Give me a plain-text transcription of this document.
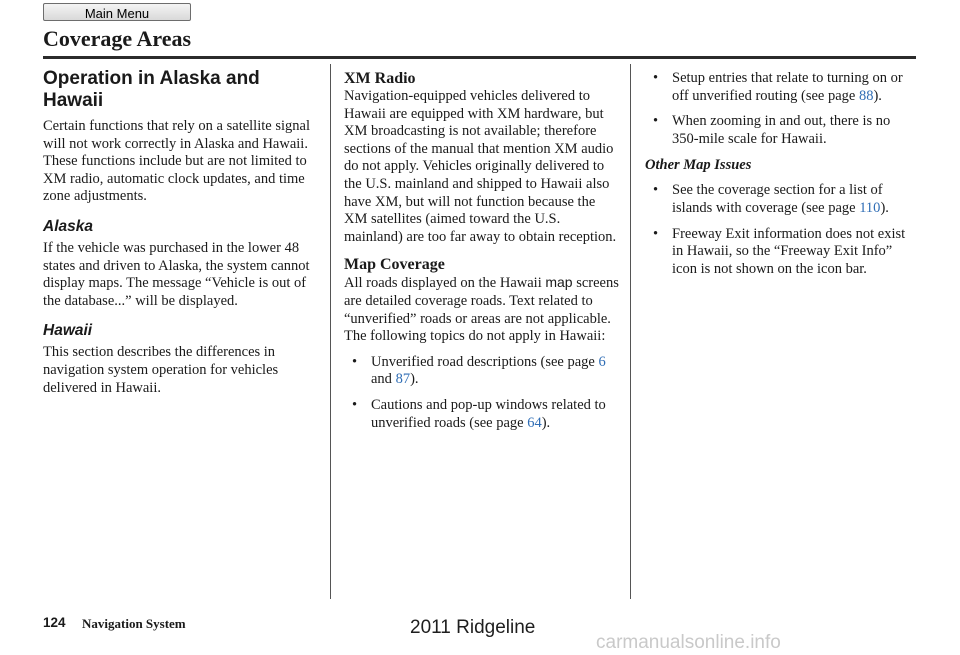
Main Menu
Coverage Areas
Operation in Alaska and Hawaii

Certain functions that rely on a satellite signal will not work correctly in Alaska and Hawaii. These functions include but are not limited to XM radio, automatic clock updates, and time zone adjustments.

Alaska

If the vehicle was purchased in the lower 48 states and driven to Alaska, the system cannot display maps. The message “Vehicle is out of the database...” will be displayed.

Hawaii

This section describes the differences in navigation system operation for vehicles delivered in Hawaii.

XM Radio

Navigation-equipped vehicles delivered to Hawaii are equipped with XM hardware, but XM broadcasting is not available; therefore sections of the manual that mention XM audio do not apply. Vehicles originally delivered to the U.S. mainland and shipped to Hawaii also have XM, but will not function because the XM satellites (aimed toward the U.S. mainland) are too far away to obtain reception.

Map Coverage

All roads displayed on the Hawaii map screens are detailed coverage roads. Text related to “unverified” roads or areas are not applicable. The following topics do not apply in Hawaii:

• Unverified road descriptions (see page 6 and 87).
• Cautions and pop-up windows related to unverified roads (see page 64).
• Setup entries that relate to turning on or off unverified routing (see page 88).
• When zooming in and out, there is no 350-mile scale for Hawaii.
Other Map Issues
• See the coverage section for a list of islands with coverage (see page 110).
• Freeway Exit information does not exist in Hawaii, so the “Freeway Exit Info” icon is not shown on the icon bar.
124 Navigation System	2011 Ridgeline
carmanualsonline.info
